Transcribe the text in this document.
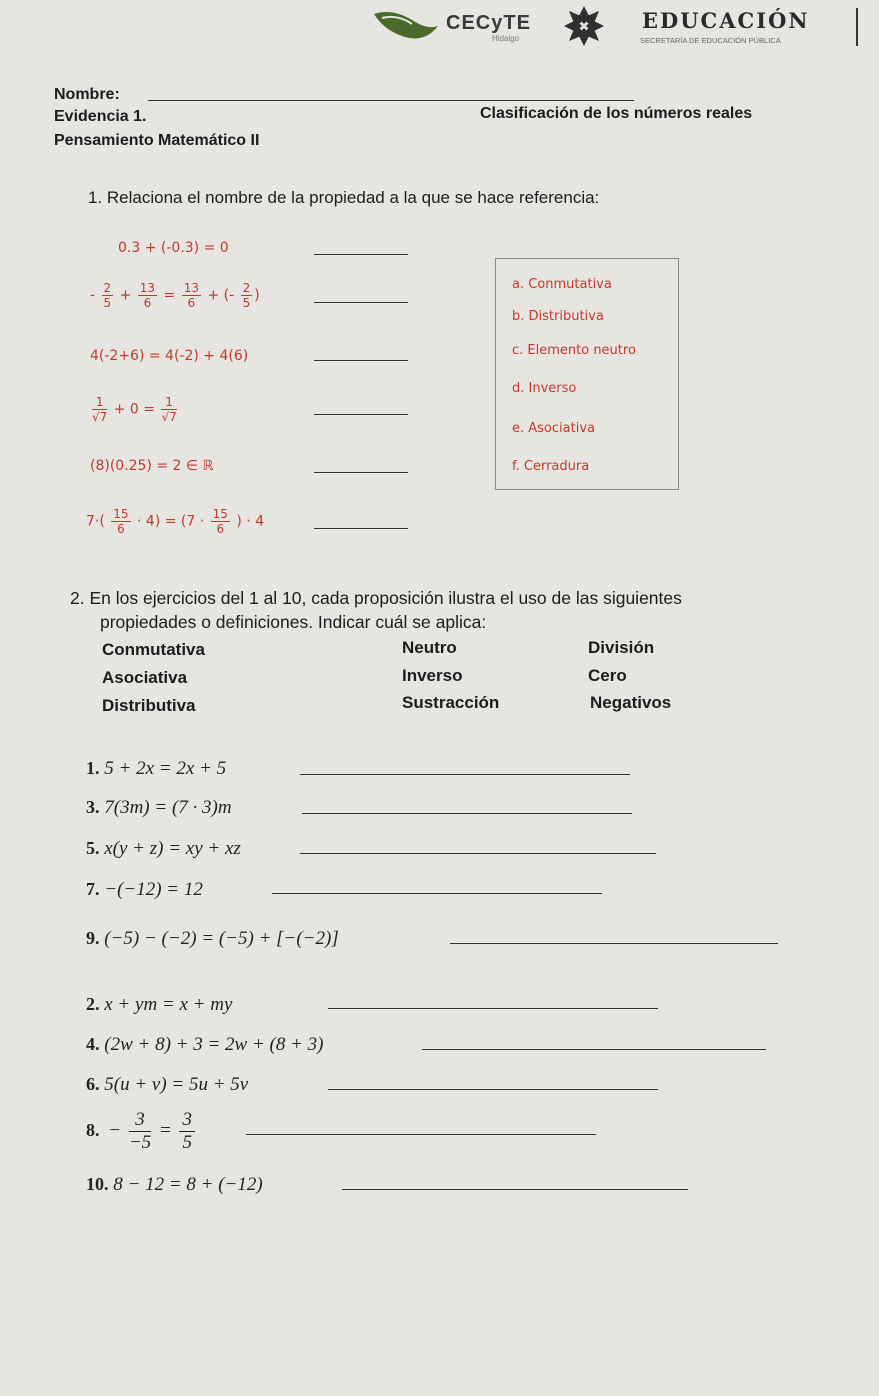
CECyTE
Hidalgo
EDUCACIÓN
SECRETARÍA DE EDUCACIÓN PÚBLICA
Nombre:
Evidencia 1.	Clasificación de los números reales
Pensamiento Matemático II
1. Relaciona el nombre de la propiedad a la que se hace referencia:
0.3 + (-0.3) = 0
- $\frac{2}{5} + \frac{13}{6} = \frac{13}{6}$ + (- $\frac{2}{5}$ )
4(-2+6) = 4(-2) + 4(6)
$\frac{1}{√7} + 0 = \frac{1}{√7}$
(8)(0.25) = 2 ∈ ℝ
$7\cdot( \frac{15}{6} \cdot 4) = (7 \cdot \frac{15}{6}$ ) · 4
a. Conmutativa
b. Distributiva
c. Elemento neutro
d. Inverso
e. Asociativa
f. Cerradura
2. En los ejercicios del 1 al 10, cada proposición ilustra el uso de las siguientes
propiedades o definiciones. Indicar cuál se aplica:
Conmutativa	Neutro	División
Asociativa	Inverso	Cero
Distributiva	Sustracción	Negativos
1. 5 + 2x = 2x + 5
3. 7(3m) = (7 · 3)m
5. x(y + z) = xy + xz
7. −(−12) = 12
9. (−5) − (−2) = (−5) + [−(−2)]
2. x + ym = x + my
4. (2w + 8) + 3 = 2w + (8 + 3)
6. 5(u + v) = 5u + 5v
8. − $\frac{3}{-5} = \frac{3}{5}$
10. 8 − 12 = 8 + (−12)
